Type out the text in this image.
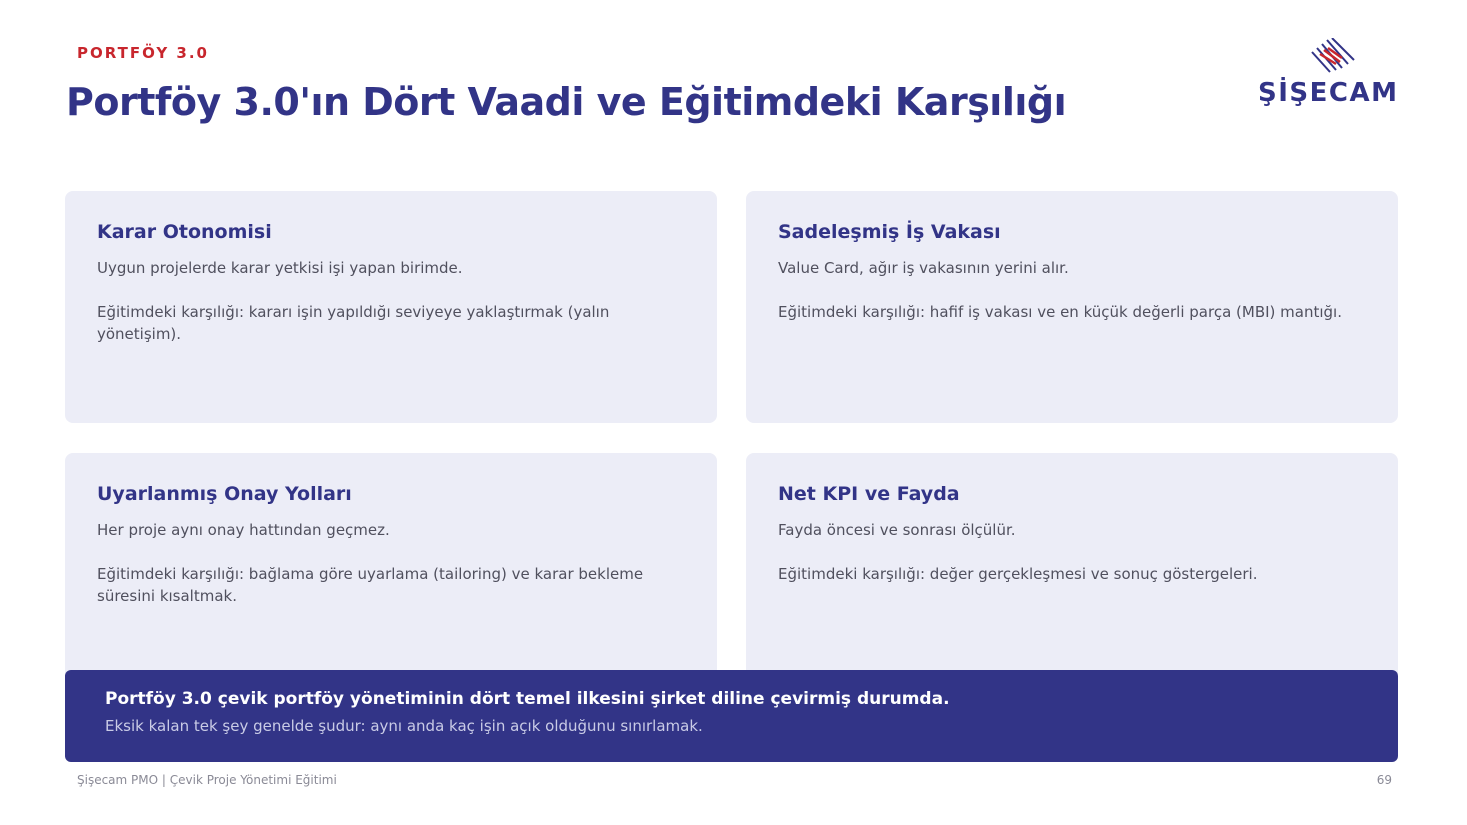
PORTFÖY 3.0
Portföy 3.0'ın Dört Vaadi ve Eğitimdeki Karşılığı	ŞİŞECAM
Karar Otonomisi

Uygun projelerde karar yetkisi işi yapan birimde.

Eğitimdeki karşılığı: kararı işin yapıldığı seviyeye yaklaştırmak (yalın yönetişim).

Sadeleşmiş İş Vakası

Value Card, ağır iş vakasının yerini alır.

Eğitimdeki karşılığı: hafif iş vakası ve en küçük değerli parça (MBI) mantığı.

Uyarlanmış Onay Yolları

Her proje aynı onay hattından geçmez.

Eğitimdeki karşılığı: bağlama göre uyarlama (tailoring) ve karar bekleme süresini kısaltmak.

Net KPI ve Fayda

Fayda öncesi ve sonrası ölçülür.

Eğitimdeki karşılığı: değer gerçekleşmesi ve sonuç göstergeleri.

Portföy 3.0 çevik portföy yönetiminin dört temel ilkesini şirket diline çevirmiş durumda.
Eksik kalan tek şey genelde şudur: aynı anda kaç işin açık olduğunu sınırlamak.
Şişecam PMO | Çevik Proje Yönetimi Eğitimi	69
